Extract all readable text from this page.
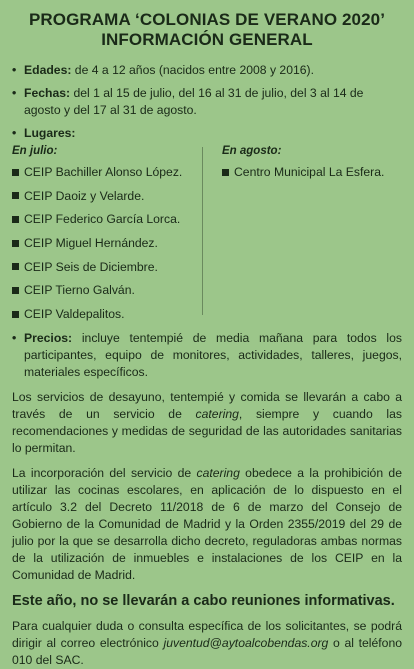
PROGRAMA ‘COLONIAS DE VERANO 2020’
INFORMACIÓN GENERAL

• Edades: de 4 a 12 años (nacidos entre 2008 y 2016).

• Fechas: del 1 al 15 de julio, del 16 al 31 de julio, del 3 al 14 de agosto y del 17 al 31 de agosto.

• Lugares:

En julio:
CEIP Bachiller Alonso López.
CEIP Daoiz y Velarde.
CEIP Federico García Lorca.
CEIP Miguel Hernández.
CEIP Seis de Diciembre.
CEIP Tierno Galván.
CEIP Valdepalitos.
En agosto:
Centro Municipal La Esfera.

• Precios: incluye tentempié de media mañana para todos los participantes, equipo de monitores, actividades, talleres, juegos, materiales específicos.

Los servicios de desayuno, tentempié y comida se llevarán a cabo a través de un servicio de catering, siempre y cuando las recomendaciones y medidas de seguridad de las autoridades sanitarias lo permitan.

La incorporación del servicio de catering obedece a la prohibición de utilizar las cocinas escolares, en aplicación de lo dispuesto en el artículo 3.2 del Decreto 11/2018 de 6 de marzo del Consejo de Gobierno de la Comunidad de Madrid y la Orden 2355/2019 del 29 de julio por la que se desarrolla dicho decreto, reguladoras ambas normas de la utilización de inmuebles e instalaciones de los CEIP en la Comunidad de Madrid.

Este año, no se llevarán a cabo reuniones informativas.

Para cualquier duda o consulta específica de los solicitantes, se podrá dirigir al correo electrónico juventud@aytoalcobendas.org o al teléfono 010 del SAC.
